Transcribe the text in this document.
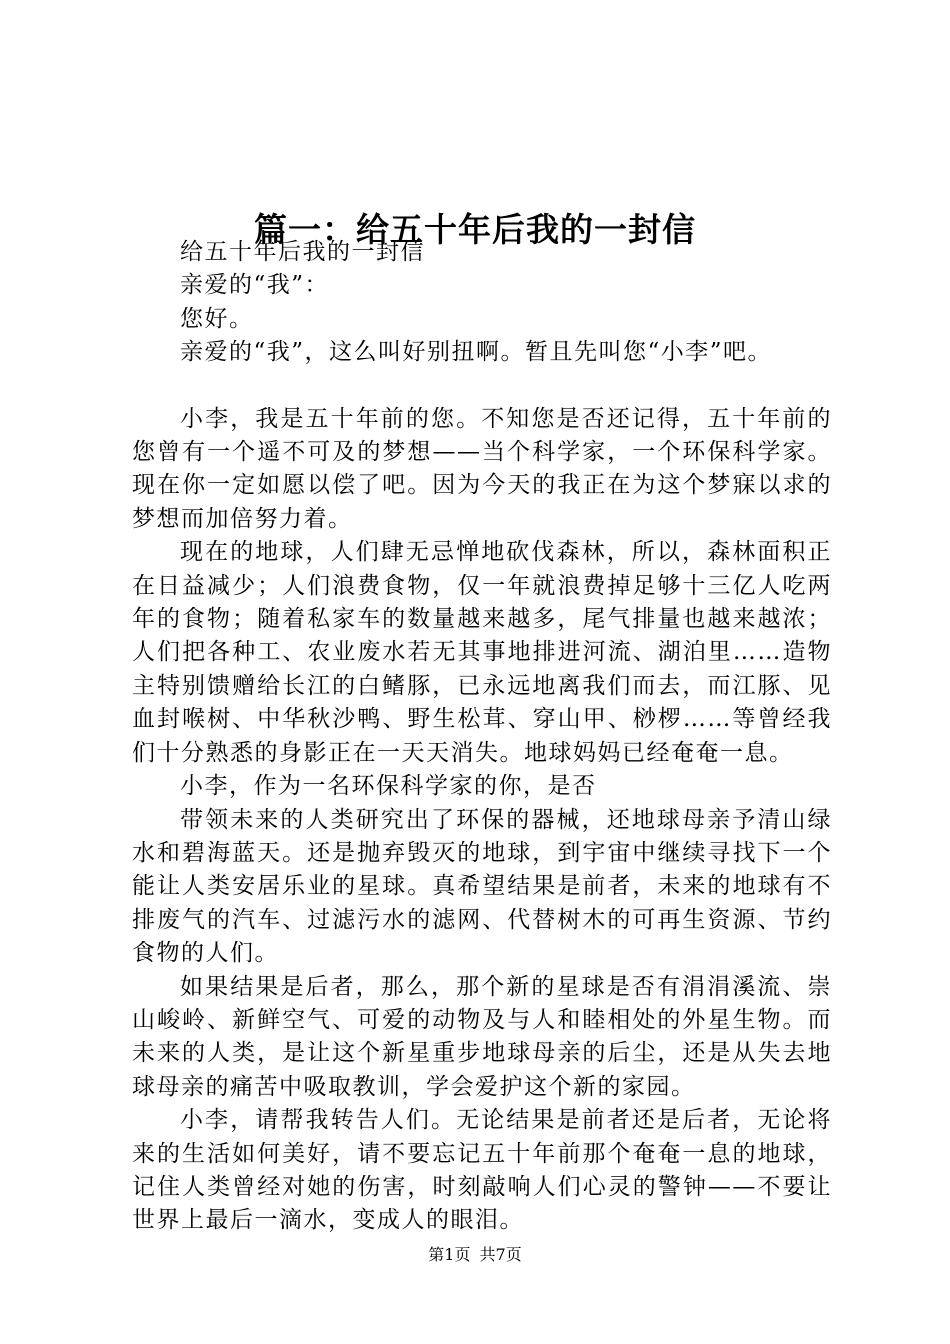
篇一：给五十年后我的一封信

给五十年后我的一封信

亲爱的“我”：

您好。

亲爱的“我”，这么叫好别扭啊。暂且先叫您“小李”吧。

小李，我是五十年前的您。不知您是否还记得，五十年前的您曾有一个遥不可及的梦想——当个科学家，一个环保科学家。现在你一定如愿以偿了吧。因为今天的我正在为这个梦寐以求的梦想而加倍努力着。

现在的地球，人们肆无忌惮地砍伐森林，所以，森林面积正在日益减少；人们浪费食物，仅一年就浪费掉足够十三亿人吃两年的食物；随着私家车的数量越来越多，尾气排量也越来越浓；人们把各种工、农业废水若无其事地排进河流、湖泊里……造物主特别馈赠给长江的白鳍豚，已永远地离我们而去，而江豚、见血封喉树、中华秋沙鸭、野生松茸、穿山甲、桫椤……等曾经我们十分熟悉的身影正在一天天消失。地球妈妈已经奄奄一息。

小李，作为一名环保科学家的你，是否

带领未来的人类研究出了环保的器械，还地球母亲予清山绿水和碧海蓝天。还是抛弃毁灭的地球，到宇宙中继续寻找下一个能让人类安居乐业的星球。真希望结果是前者，未来的地球有不排废气的汽车、过滤污水的滤网、代替树木的可再生资源、节约食物的人们。

如果结果是后者，那么，那个新的星球是否有涓涓溪流、崇山峻岭、新鲜空气、可爱的动物及与人和睦相处的外星生物。而未来的人类，是让这个新星重步地球母亲的后尘，还是从失去地球母亲的痛苦中吸取教训，学会爱护这个新的家园。

小李，请帮我转告人们。无论结果是前者还是后者，无论将来的生活如何美好，请不要忘记五十年前那个奄奄一息的地球，记住人类曾经对她的伤害，时刻敲响人们心灵的警钟——不要让世界上最后一滴水，变成人的眼泪。

第1页 共7页
